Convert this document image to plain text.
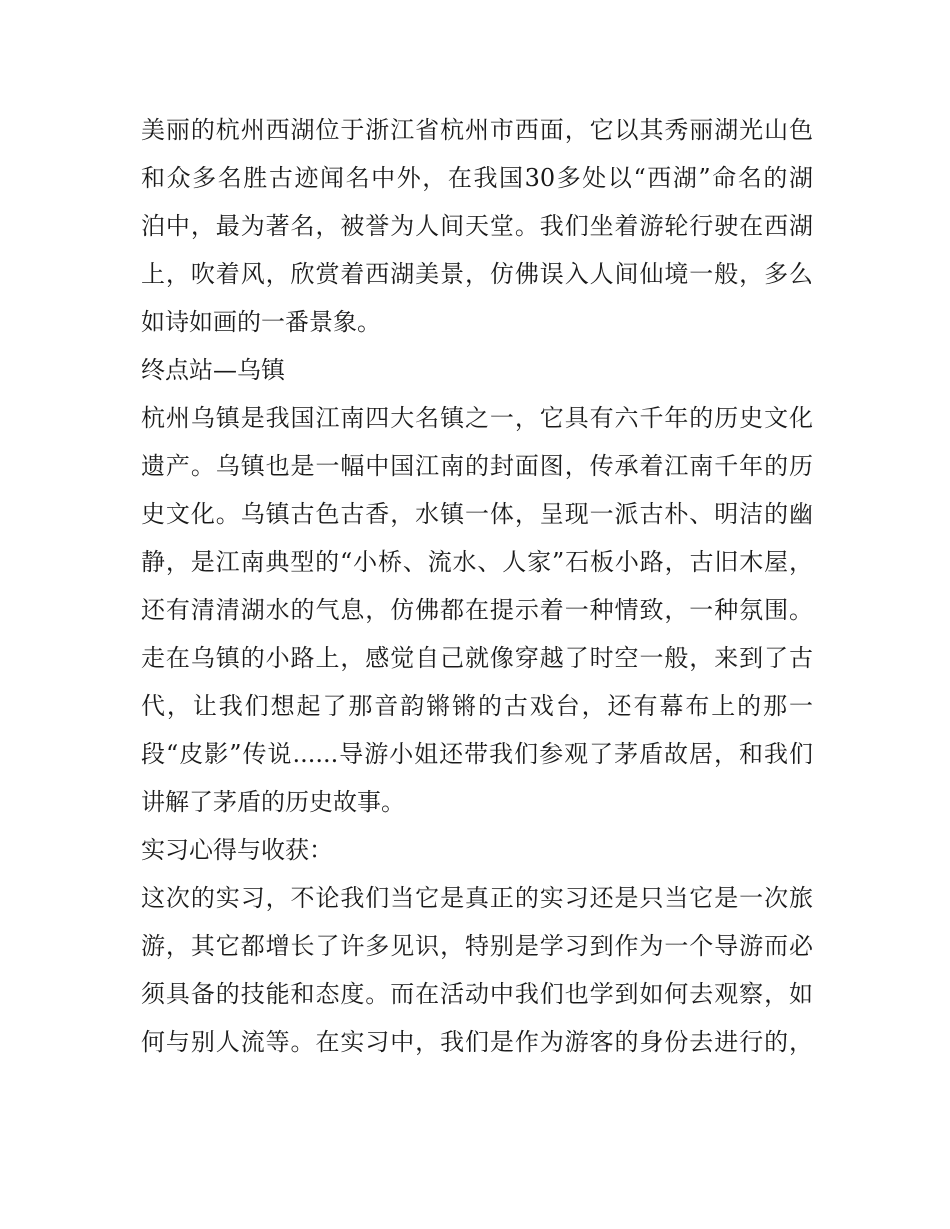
美丽的杭州西湖位于浙江省杭州市西面，它以其秀丽湖光山色
和众多名胜古迹闻名中外，在我国30多处以“西湖”命名的湖
泊中，最为著名，被誉为人间天堂。我们坐着游轮行驶在西湖
上，吹着风，欣赏着西湖美景，仿佛误入人间仙境一般，多么
如诗如画的一番景象。

终点站—乌镇

杭州乌镇是我国江南四大名镇之一，它具有六千年的历史文化
遗产。乌镇也是一幅中国江南的封面图，传承着江南千年的历
史文化。乌镇古色古香，水镇一体，呈现一派古朴、明洁的幽
静，是江南典型的“小桥、流水、人家”石板小路，古旧木屋，
还有清清湖水的气息，仿佛都在提示着一种情致，一种氛围。
走在乌镇的小路上，感觉自己就像穿越了时空一般，来到了古
代，让我们想起了那音韵锵锵的古戏台，还有幕布上的那一
段“皮影”传说......导游小姐还带我们参观了茅盾故居，和我们
讲解了茅盾的历史故事。

实习心得与收获：

这次的实习，不论我们当它是真正的实习还是只当它是一次旅
游，其它都增长了许多见识，特别是学习到作为一个导游而必
须具备的技能和态度。而在活动中我们也学到如何去观察，如
何与别人流等。在实习中，我们是作为游客的身份去进行的，
